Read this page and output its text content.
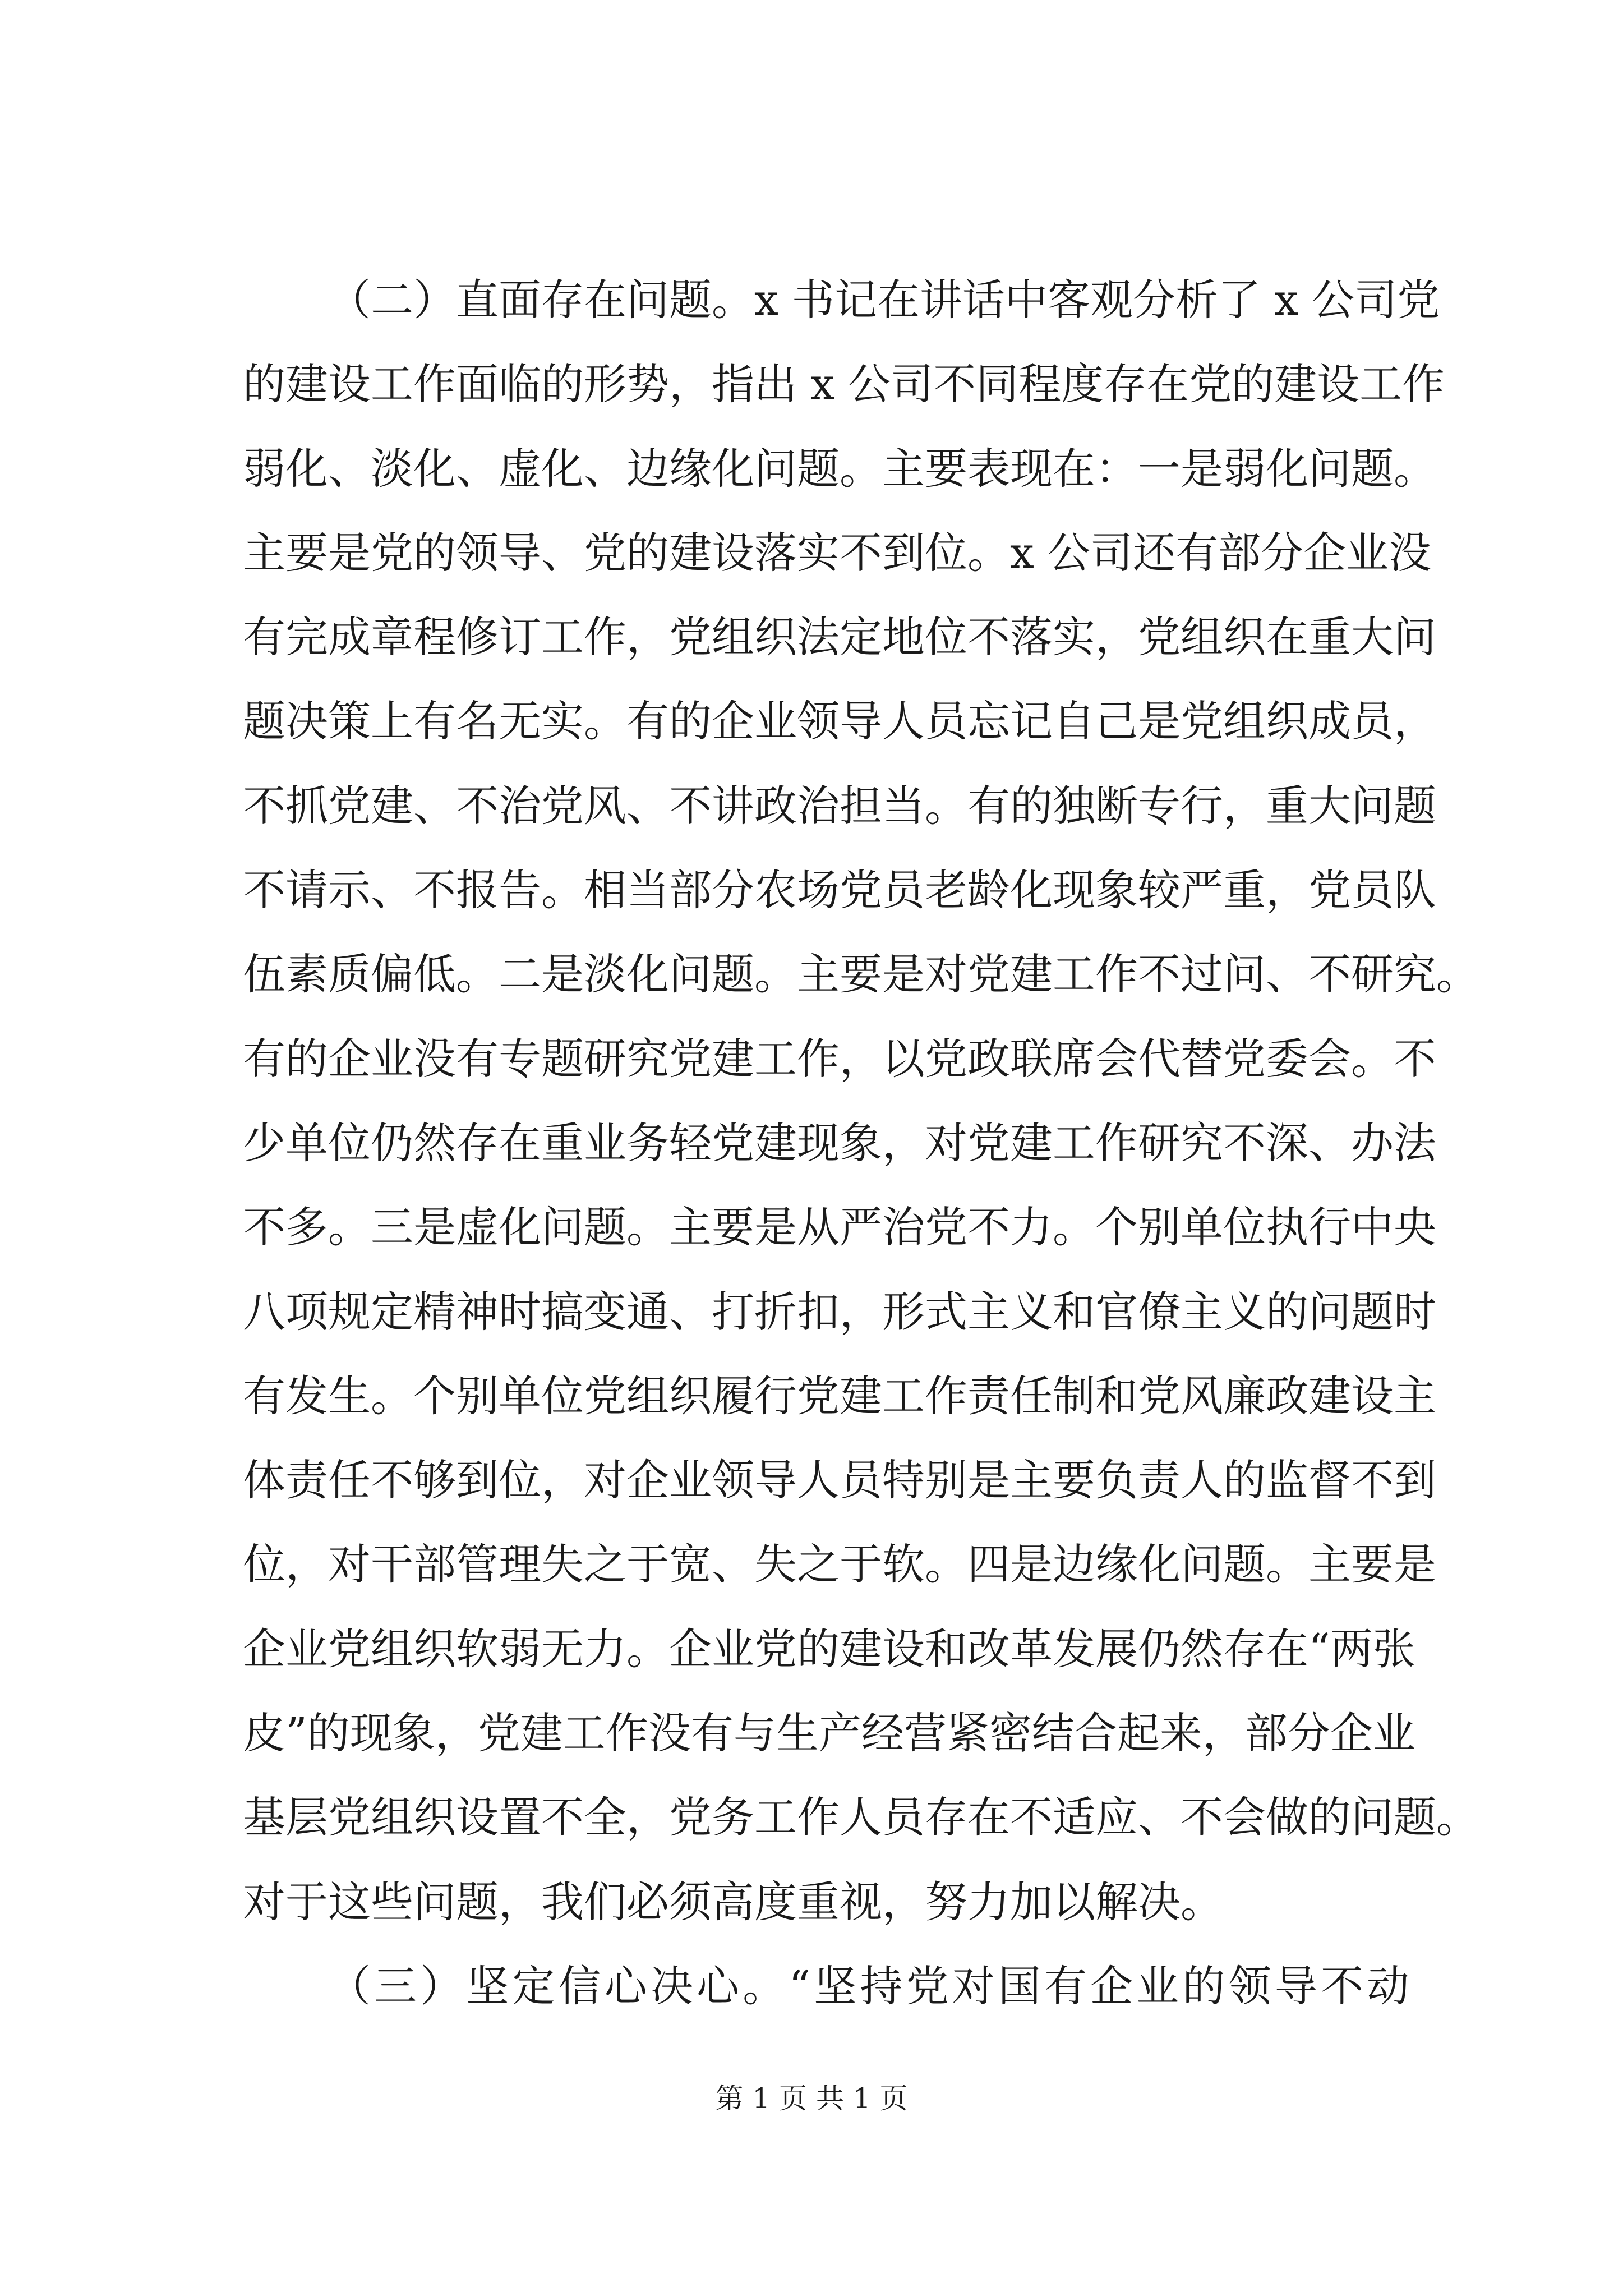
（二）直面存在问题。x 书记在讲话中客观分析了 x 公司党
的建设工作面临的形势，指出 x 公司不同程度存在党的建设工作
弱化、淡化、虚化、边缘化问题。主要表现在：一是弱化问题。
主要是党的领导、党的建设落实不到位。x 公司还有部分企业没
有完成章程修订工作，党组织法定地位不落实，党组织在重大问
题决策上有名无实。有的企业领导人员忘记自己是党组织成员，
不抓党建、不治党风、不讲政治担当。有的独断专行，重大问题
不请示、不报告。相当部分农场党员老龄化现象较严重，党员队
伍素质偏低。二是淡化问题。主要是对党建工作不过问、不研究。
有的企业没有专题研究党建工作，以党政联席会代替党委会。不
少单位仍然存在重业务轻党建现象，对党建工作研究不深、办法
不多。三是虚化问题。主要是从严治党不力。个别单位执行中央
八项规定精神时搞变通、打折扣，形式主义和官僚主义的问题时
有发生。个别单位党组织履行党建工作责任制和党风廉政建设主
体责任不够到位，对企业领导人员特别是主要负责人的监督不到
位，对干部管理失之于宽、失之于软。四是边缘化问题。主要是
企业党组织软弱无力。企业党的建设和改革发展仍然存在“两张
皮”的现象，党建工作没有与生产经营紧密结合起来，部分企业
基层党组织设置不全，党务工作人员存在不适应、不会做的问题。
对于这些问题，我们必须高度重视，努力加以解决。
（三）坚定信心决心。“坚持党对国有企业的领导不动
第 1 页 共 1 页
